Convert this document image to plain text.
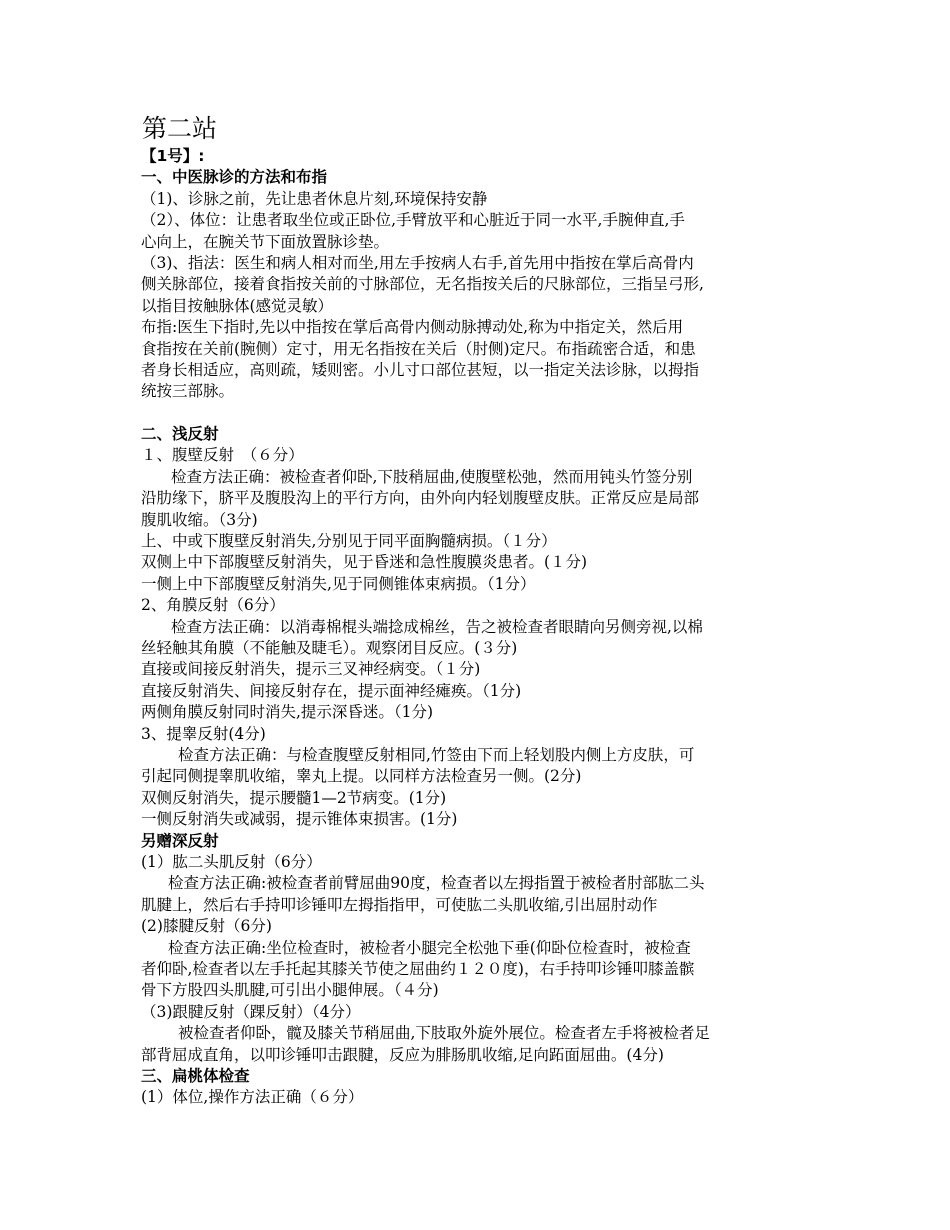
第二站
【1号】:
一、中医脉诊的方法和布指
（1)、诊脉之前，先让患者休息片刻,环境保持安静
（2）、体位：让患者取坐位或正卧位,手臂放平和心脏近于同一水平,手腕伸直,手
心向上，在腕关节下面放置脉诊垫。
（3)、指法：医生和病人相对而坐,用左手按病人右手,首先用中指按在掌后高骨内
侧关脉部位，接着食指按关前的寸脉部位，无名指按关后的尺脉部位，三指呈弓形,
以指目按触脉体(感觉灵敏）
布指:医生下指时,先以中指按在掌后高骨内侧动脉搏动处,称为中指定关，然后用
食指按在关前(腕侧）定寸，用无名指按在关后（肘侧)定尺。布指疏密合适，和患
者身长相适应，高则疏，矮则密。小儿寸口部位甚短，以一指定关法诊脉，以拇指
统按三部脉。
二、浅反射
１、腹壁反射　（６分）
检查方法正确：被检查者仰卧,下肢稍屈曲,使腹壁松弛，然而用钝头竹签分别
沿肋缘下，脐平及腹股沟上的平行方向，由外向内轻划腹壁皮肤。正常反应是局部
腹肌收缩。（3分)
上、中或下腹壁反射消失,分别见于同平面胸髓病损。（１分）
双侧上中下部腹壁反射消失，见于昏迷和急性腹膜炎患者。(１分)
一侧上中下部腹壁反射消失,见于同侧锥体束病损。（1分）
2、角膜反射（6分）
检查方法正确：以消毒棉棍头端捻成棉丝，告之被检查者眼睛向另侧旁视,以棉
丝轻触其角膜（不能触及睫毛）。观察闭目反应。(３分)
直接或间接反射消失，提示三叉神经病变。（１分)
直接反射消失、间接反射存在，提示面神经瘫痪。（1分)
两侧角膜反射同时消失,提示深昏迷。（1分)
3、提睾反射(4分)
检查方法正确：与检查腹壁反射相同,竹签由下而上轻划股内侧上方皮肤，可
引起同侧提睾肌收缩，睾丸上提。以同样方法检查另一侧。(2分)
双侧反射消失，提示腰髓1—2节病变。(1分)
一侧反射消失或减弱，提示锥体束损害。(1分)
另赠深反射
(1）肱二头肌反射（6分）
检查方法正确:被检查者前臂屈曲90度，检查者以左拇指置于被检者肘部肱二头
肌腱上，然后右手持叩诊锤叩左拇指指甲，可使肱二头肌收缩,引出屈肘动作
(2)膝腱反射（6分)
检查方法正确:坐位检查时，被检者小腿完全松弛下垂(仰卧位检查时，被检查
者仰卧,检查者以左手托起其膝关节使之屈曲约１２０度)，右手持叩诊锤叩膝盖髌
骨下方股四头肌腱,可引出小腿伸展。（４分)
（3)跟腱反射（踝反射）（4分）
被检查者仰卧，髋及膝关节稍屈曲,下肢取外旋外展位。检查者左手将被检者足
部背屈成直角，以叩诊锤叩击跟腱，反应为腓肠肌收缩,足向跖面屈曲。(4分)
三、扁桃体检查
(1）体位,操作方法正确（６分）
